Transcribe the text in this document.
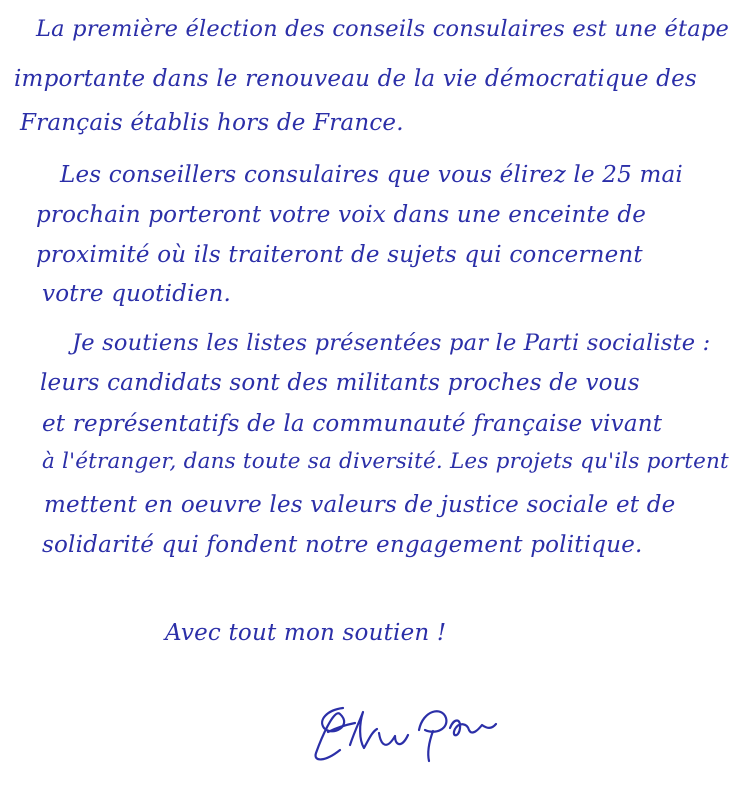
La première élection des conseils consulaires est une étape
importante dans le renouveau de la vie démocratique des
Français établis hors de France.
Les conseillers consulaires que vous élirez le 25 mai
prochain porteront votre voix dans une enceinte de
proximité où ils traiteront de sujets qui concernent
votre quotidien.
Je soutiens les listes présentées par le Parti socialiste :
leurs candidats sont des militants proches de vous
et représentatifs de la communauté française vivant
à l'étranger, dans toute sa diversité. Les projets qu'ils portent
mettent en oeuvre les valeurs de justice sociale et de
solidarité qui fondent notre engagement politique.
Avec tout mon soutien !
